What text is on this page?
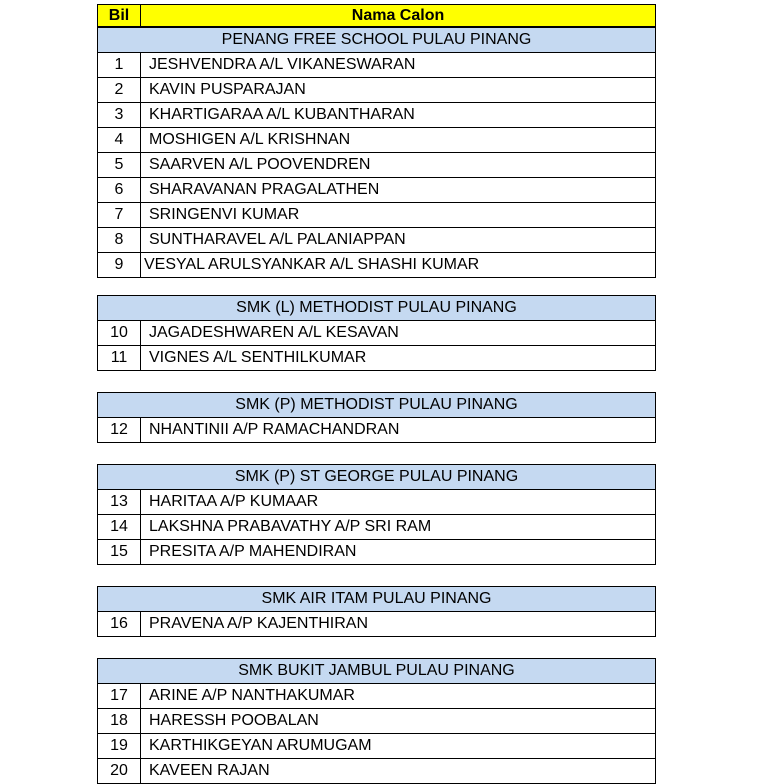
Bil	Nama Calon
PENANG FREE SCHOOL PULAU PINANG
1	JESHVENDRA A/L VIKANESWARAN
2	KAVIN PUSPARAJAN
3	KHARTIGARAA A/L KUBANTHARAN
4	MOSHIGEN A/L KRISHNAN
5	SAARVEN A/L POOVENDREN
6	SHARAVANAN PRAGALATHEN
7	SRINGENVI KUMAR
8	SUNTHARAVEL A/L PALANIAPPAN
9	VESYAL ARULSYANKAR A/L SHASHI KUMAR
SMK (L) METHODIST PULAU PINANG
10	JAGADESHWAREN A/L KESAVAN
11	VIGNES A/L SENTHILKUMAR
SMK (P) METHODIST PULAU PINANG
12	NHANTINII A/P RAMACHANDRAN
SMK (P) ST GEORGE PULAU PINANG
13	HARITAA A/P KUMAAR
14	LAKSHNA PRABAVATHY A/P SRI RAM
15	PRESITA A/P MAHENDIRAN
SMK AIR ITAM PULAU PINANG
16	PRAVENA A/P KAJENTHIRAN
SMK BUKIT JAMBUL PULAU PINANG
17	ARINE A/P NANTHAKUMAR
18	HARESSH POOBALAN
19	KARTHIKGEYAN ARUMUGAM
20	KAVEEN RAJAN
